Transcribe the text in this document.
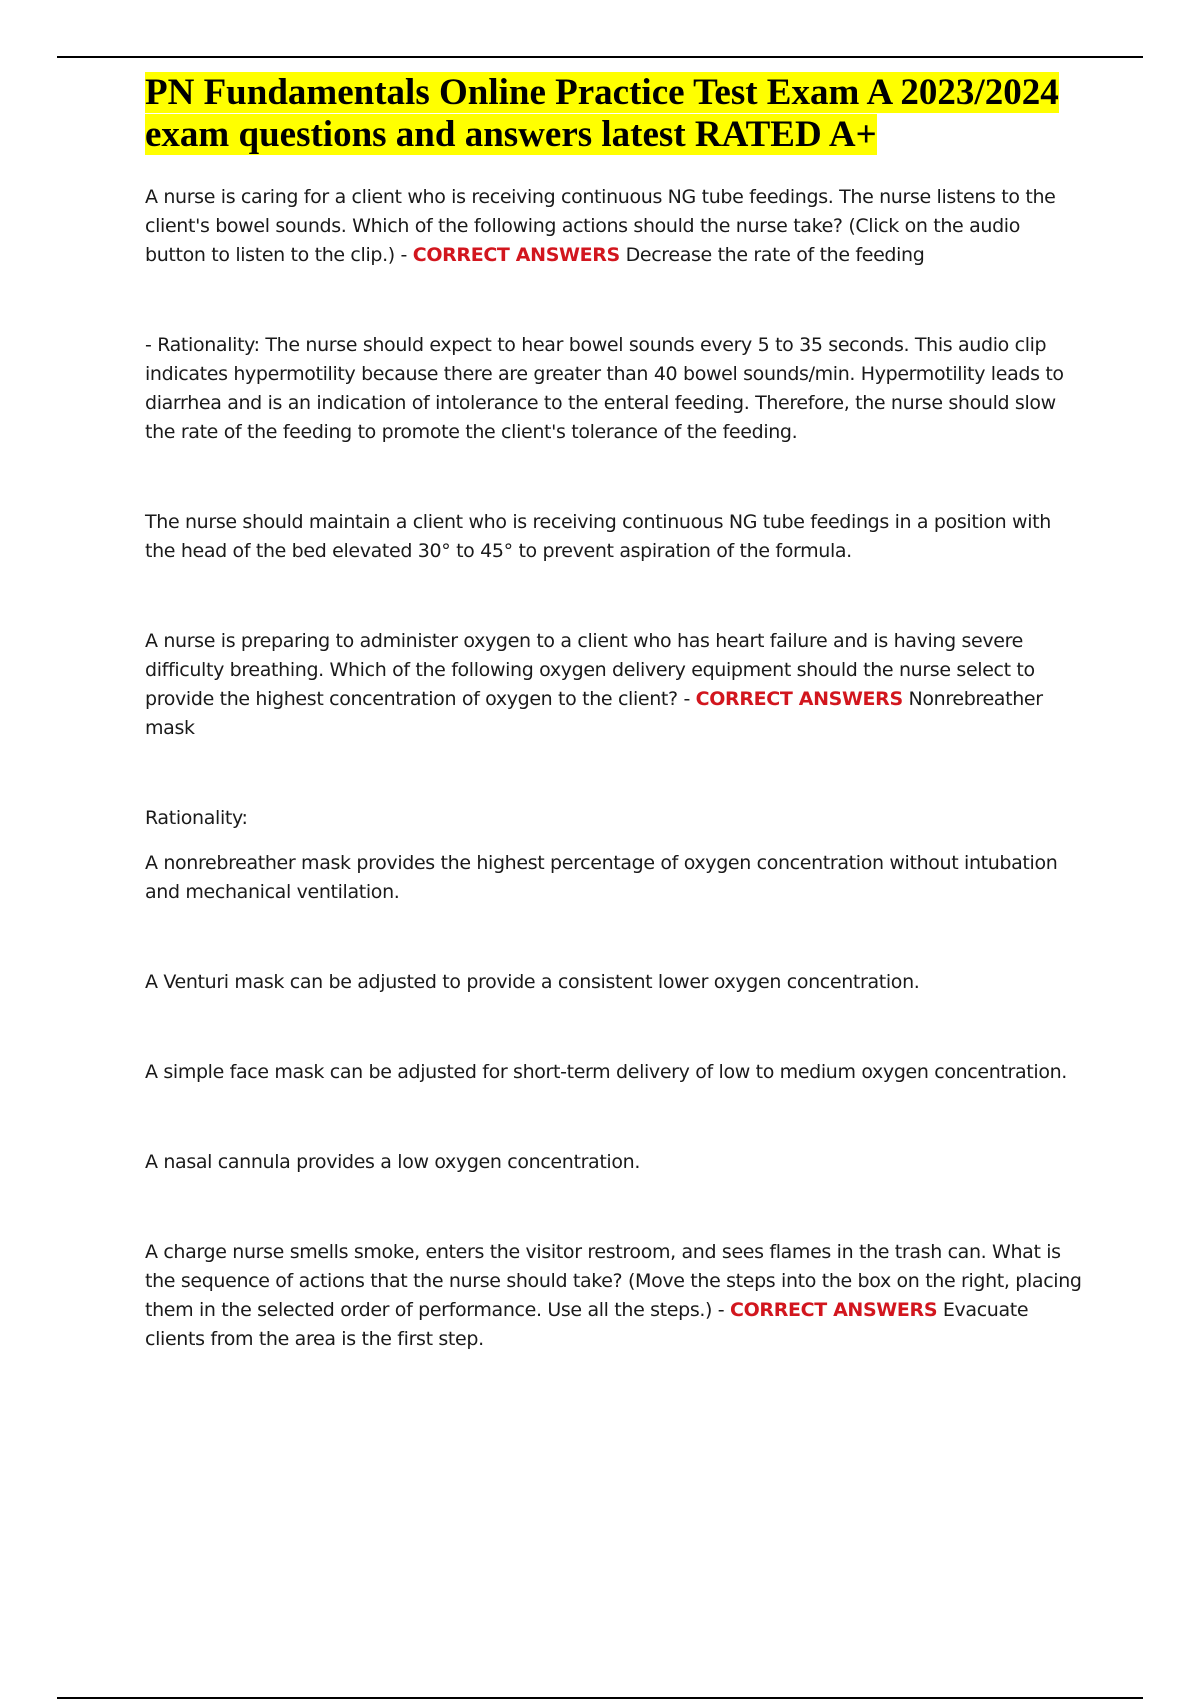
PN Fundamentals Online Practice Test Exam A 2023/2024 exam questions and answers latest RATED A+

A nurse is caring for a client who is receiving continuous NG tube feedings. The nurse listens to the client's bowel sounds. Which of the following actions should the nurse take? (Click on the audio button to listen to the clip.) - CORRECT ANSWERS Decrease the rate of the feeding

- Rationality: The nurse should expect to hear bowel sounds every 5 to 35 seconds. This audio clip indicates hypermotility because there are greater than 40 bowel sounds/min. Hypermotility leads to diarrhea and is an indication of intolerance to the enteral feeding. Therefore, the nurse should slow the rate of the feeding to promote the client's tolerance of the feeding.

The nurse should maintain a client who is receiving continuous NG tube feedings in a position with the head of the bed elevated 30° to 45° to prevent aspiration of the formula.

A nurse is preparing to administer oxygen to a client who has heart failure and is having severe difficulty breathing. Which of the following oxygen delivery equipment should the nurse select to provide the highest concentration of oxygen to the client? - CORRECT ANSWERS Nonrebreather mask

Rationality:

A nonrebreather mask provides the highest percentage of oxygen concentration without intubation and mechanical ventilation.

A Venturi mask can be adjusted to provide a consistent lower oxygen concentration.

A simple face mask can be adjusted for short-term delivery of low to medium oxygen concentration.

A nasal cannula provides a low oxygen concentration.

A charge nurse smells smoke, enters the visitor restroom, and sees flames in the trash can. What is the sequence of actions that the nurse should take? (Move the steps into the box on the right, placing them in the selected order of performance. Use all the steps.) - CORRECT ANSWERS Evacuate clients from the area is the first step.
